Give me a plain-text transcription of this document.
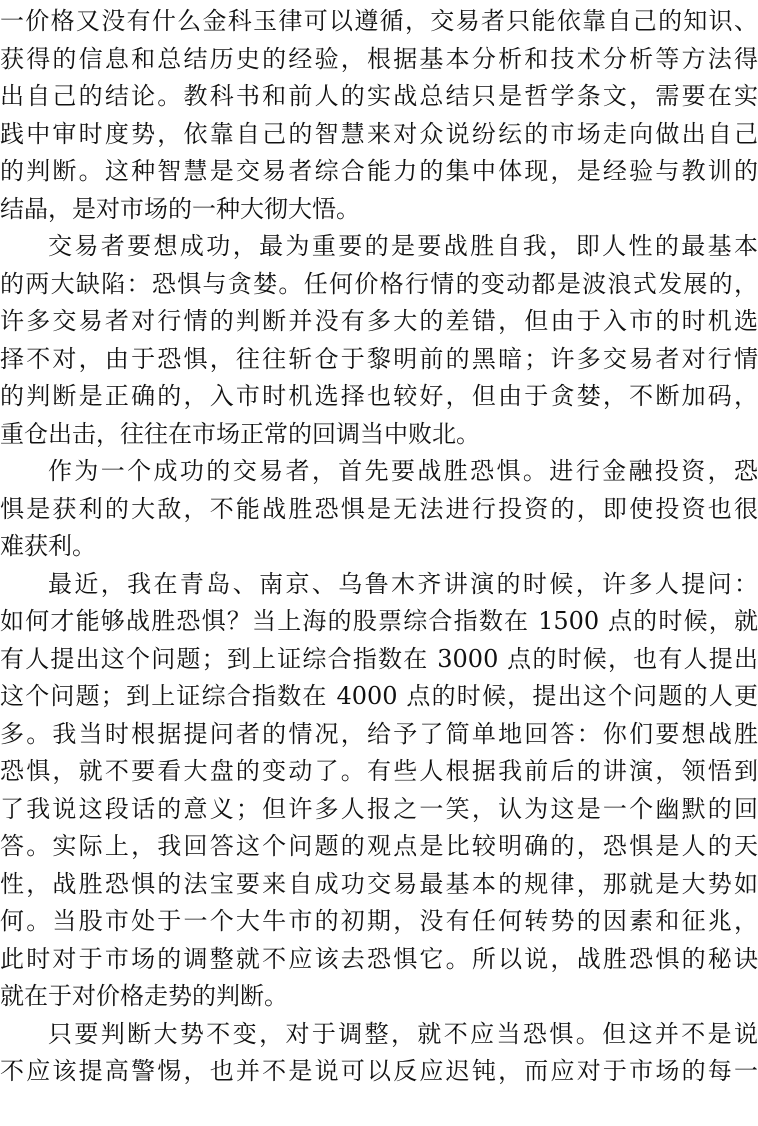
一价格又没有什么金科玉律可以遵循，交易者只能依靠自己的知识、
获得的信息和总结历史的经验，根据基本分析和技术分析等方法得
出自己的结论。教科书和前人的实战总结只是哲学条文，需要在实
践中审时度势，依靠自己的智慧来对众说纷纭的市场走向做出自己
的判断。这种智慧是交易者综合能力的集中体现，是经验与教训的
结晶，是对市场的一种大彻大悟。
交易者要想成功，最为重要的是要战胜自我，即人性的最基本
的两大缺陷：恐惧与贪婪。任何价格行情的变动都是波浪式发展的，
许多交易者对行情的判断并没有多大的差错，但由于入市的时机选
择不对，由于恐惧，往往斩仓于黎明前的黑暗；许多交易者对行情
的判断是正确的，入市时机选择也较好，但由于贪婪，不断加码，
重仓出击，往往在市场正常的回调当中败北。
作为一个成功的交易者，首先要战胜恐惧。进行金融投资，恐
惧是获利的大敌，不能战胜恐惧是无法进行投资的，即使投资也很
难获利。
最近，我在青岛、南京、乌鲁木齐讲演的时候，许多人提问：
如何才能够战胜恐惧？当上海的股票综合指数在 1500 点的时候，就
有人提出这个问题；到上证综合指数在 3000 点的时候，也有人提出
这个问题；到上证综合指数在 4000 点的时候，提出这个问题的人更
多。我当时根据提问者的情况，给予了简单地回答：你们要想战胜
恐惧，就不要看大盘的变动了。有些人根据我前后的讲演，领悟到
了我说这段话的意义；但许多人报之一笑，认为这是一个幽默的回
答。实际上，我回答这个问题的观点是比较明确的，恐惧是人的天
性，战胜恐惧的法宝要来自成功交易最基本的规律，那就是大势如
何。当股市处于一个大牛市的初期，没有任何转势的因素和征兆，
此时对于市场的调整就不应该去恐惧它。所以说，战胜恐惧的秘诀
就在于对价格走势的判断。
只要判断大势不变，对于调整，就不应当恐惧。但这并不是说
不应该提高警惕，也并不是说可以反应迟钝，而应对于市场的每一
